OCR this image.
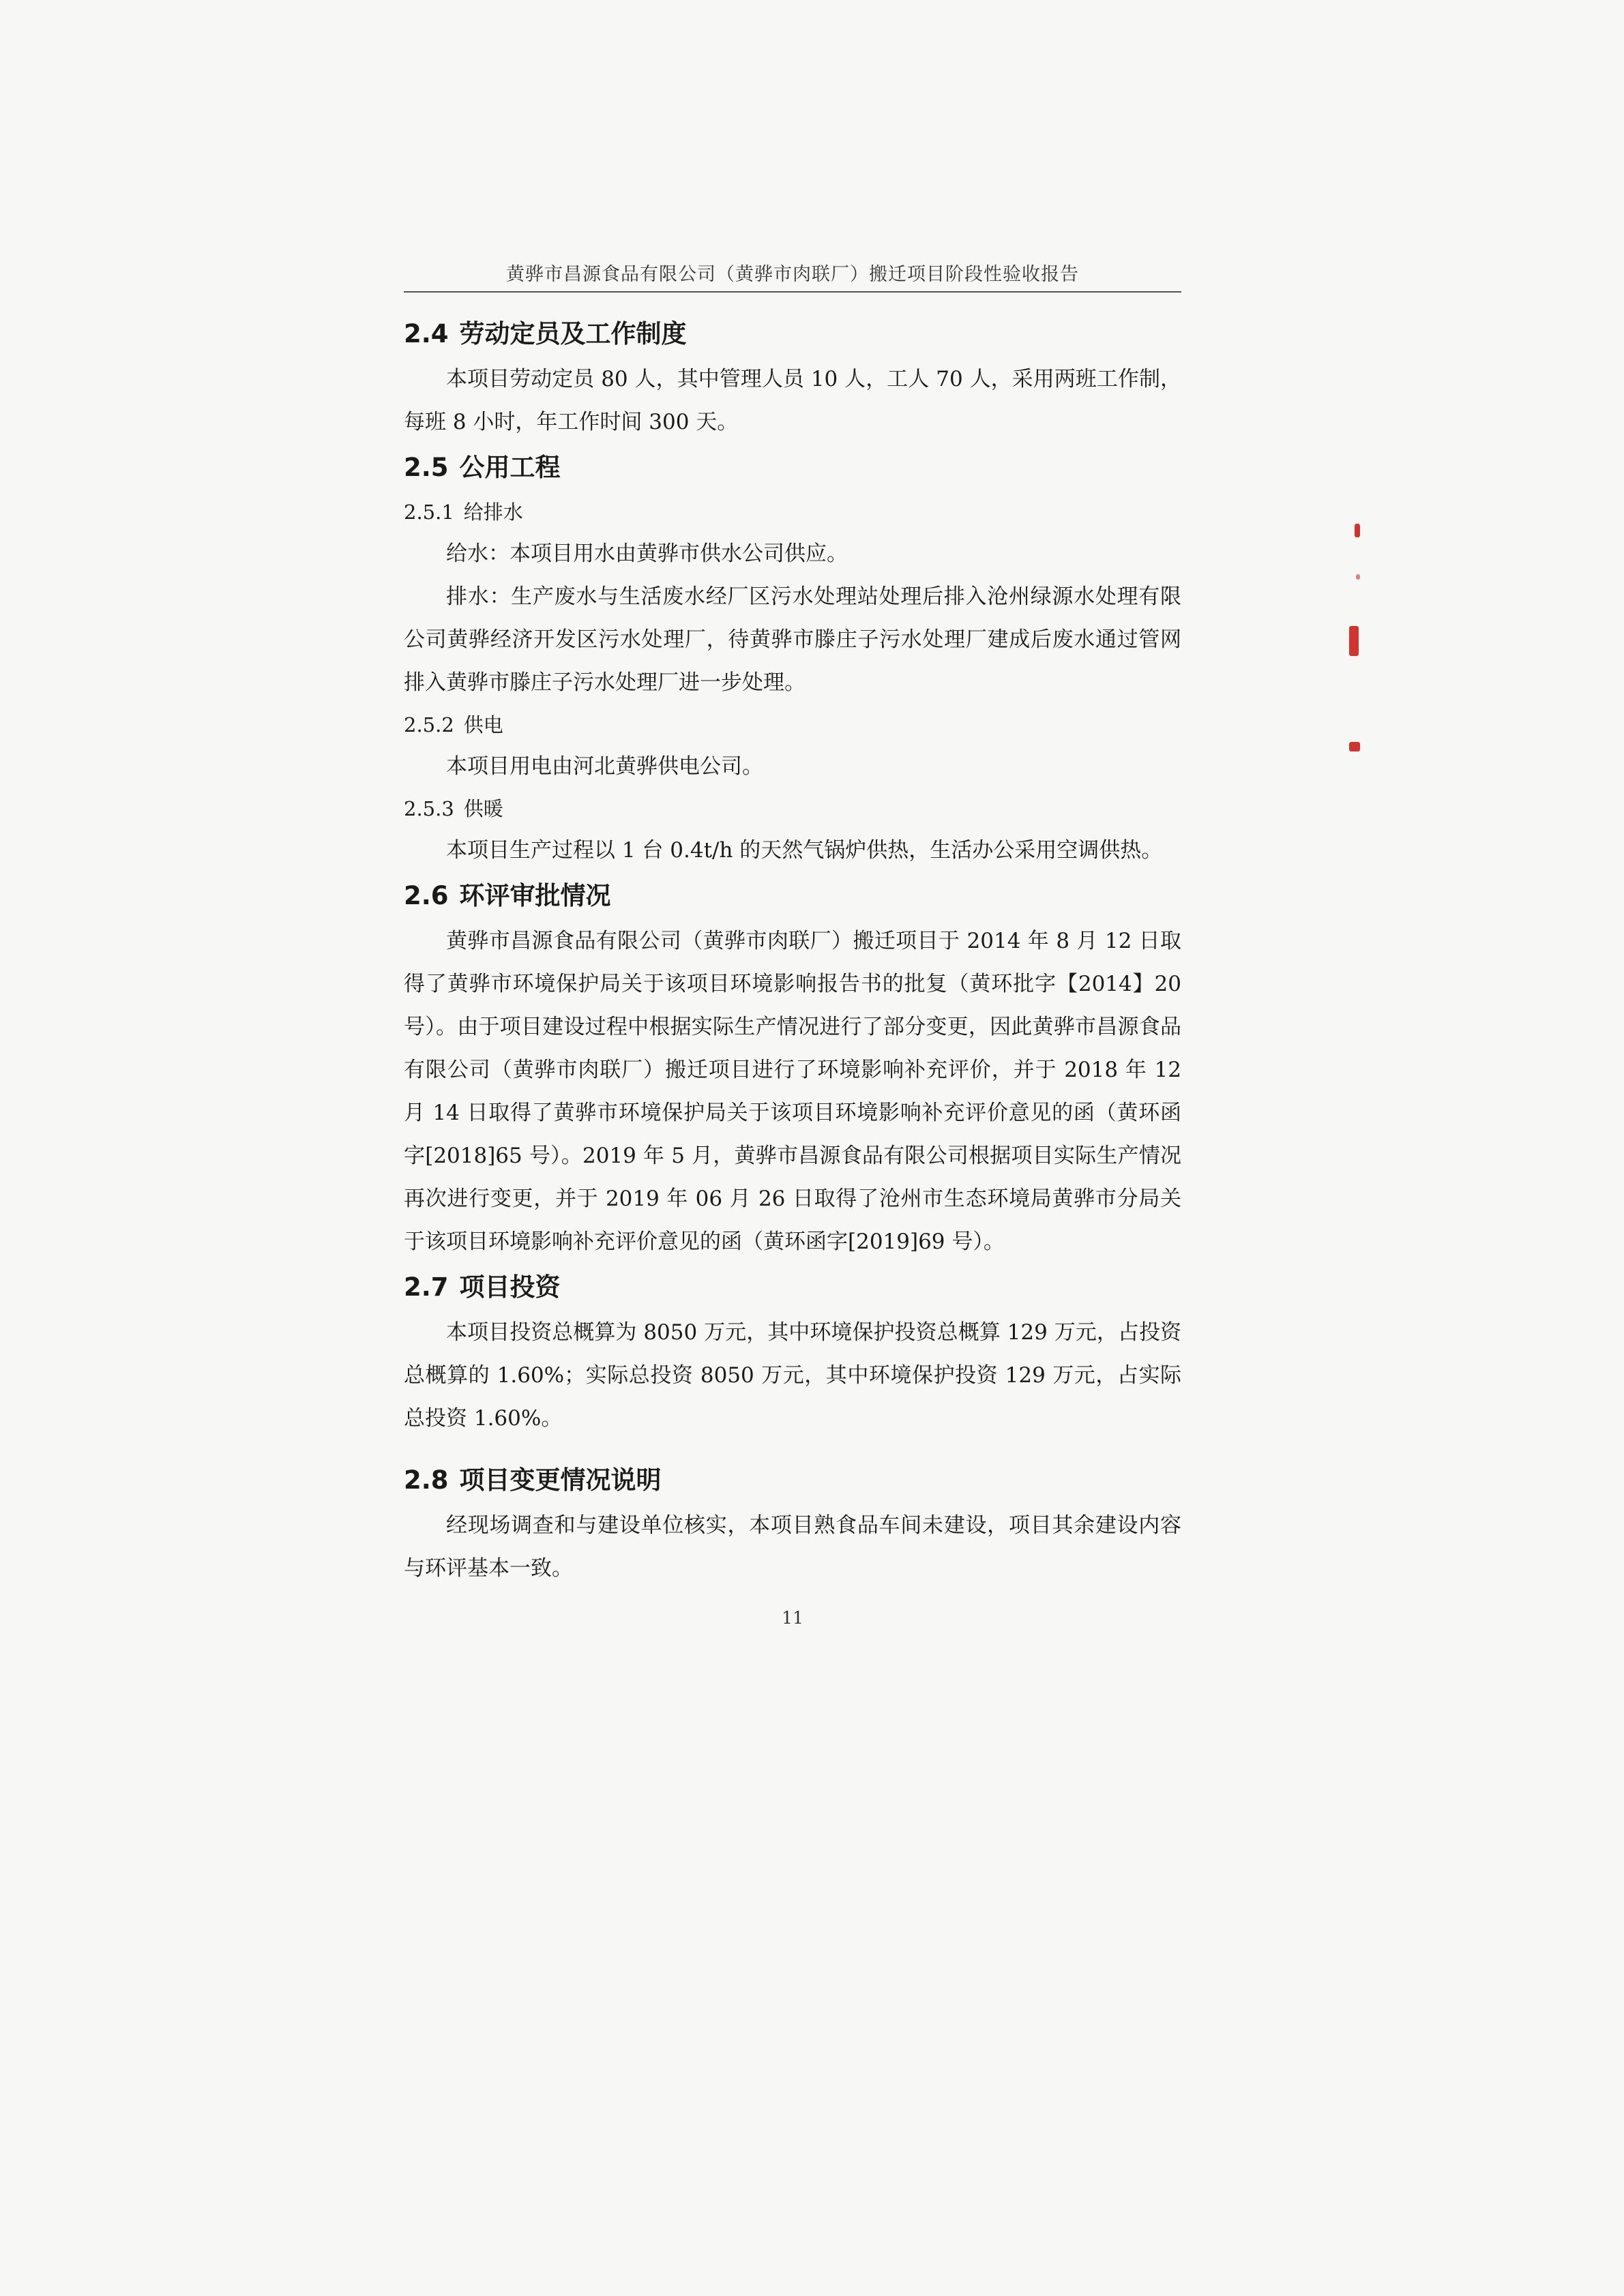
黄骅市昌源食品有限公司（黄骅市肉联厂）搬迁项目阶段性验收报告
2.4 劳动定员及工作制度

本项目劳动定员 80 人，其中管理人员 10 人，工人 70 人，采用两班工作制，每班 8 小时，年工作时间 300 天。

2.5 公用工程
2.5.1 给排水

给水：本项目用水由黄骅市供水公司供应。

排水：生产废水与生活废水经厂区污水处理站处理后排入沧州绿源水处理有限公司黄骅经济开发区污水处理厂，待黄骅市滕庄子污水处理厂建成后废水通过管网排入黄骅市滕庄子污水处理厂进一步处理。

2.5.2 供电

本项目用电由河北黄骅供电公司。

2.5.3 供暖

本项目生产过程以 1 台 0.4t/h 的天然气锅炉供热，生活办公采用空调供热。

2.6 环评审批情况

黄骅市昌源食品有限公司（黄骅市肉联厂）搬迁项目于 2014 年 8 月 12 日取得了黄骅市环境保护局关于该项目环境影响报告书的批复（黄环批字【2014】20 号）。由于项目建设过程中根据实际生产情况进行了部分变更，因此黄骅市昌源食品有限公司（黄骅市肉联厂）搬迁项目进行了环境影响补充评价，并于 2018 年 12 月 14 日取得了黄骅市环境保护局关于该项目环境影响补充评价意见的函（黄环函字[2018]65 号）。2019 年 5 月，黄骅市昌源食品有限公司根据项目实际生产情况再次进行变更，并于 2019 年 06 月 26 日取得了沧州市生态环境局黄骅市分局关于该项目环境影响补充评价意见的函（黄环函字[2019]69 号）。

2.7 项目投资

本项目投资总概算为 8050 万元，其中环境保护投资总概算 129 万元，占投资总概算的 1.60%；实际总投资 8050 万元，其中环境保护投资 129 万元，占实际总投资 1.60%。

2.8 项目变更情况说明

经现场调查和与建设单位核实，本项目熟食品车间未建设，项目其余建设内容与环评基本一致。

11
